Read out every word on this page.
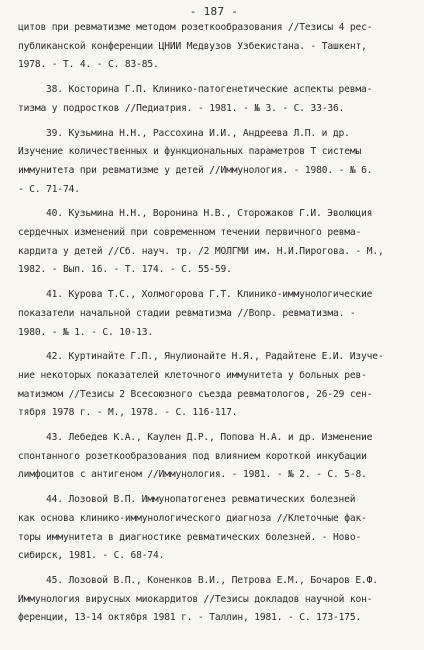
- 187 -
цитов при ревматизме методом розеткообразования //Тезисы 4 рес-
публиканской конференции ЦНИИ Медвузов Узбекистана. - Ташкент,
1978. - Т. 4. - С. 83-85.
38. Косторина Г.П. Клинико-патогенетические аспекты ревма-
тизма у подростков //Педиатрия. - 1981. - № 3. - С. 33-36.
39. Кузьмина Н.Н., Рассохина И.И., Андреева Л.П. и др.
Изучение количественных и функциональных параметров Т системы
иммунитета при ревматизме у детей //Иммунология. - 1980. - № 6.
- С. 71-74.
40. Кузьмина Н.Н., Воронина Н.В., Сторожаков Г.И. Эволюция
сердечных изменений при современном течении первичного ревма-
кардита у детей //Сб. науч. тр. /2 МОЛГМИ им. Н.И.Пирогова. - М.,
1982. - Вып. 16. - Т. 174. - С. 55-59.
41. Курова Т.С., Холмогорова Г.Т. Клинико-иммунологические
показатели начальной стадии ревматизма //Вопр. ревматизма. -
1980. - № 1. - С. 10-13.
42. Куртинайте Г.П., Янулионайте Н.Я., Радайтене Е.И. Изуче-
ние некоторых показателей клеточного иммунитета у больных рев-
матизмом //Тезисы 2 Всесоюзного съезда ревматологов, 26-29 сен-
тября 1978 г. - М., 1978. - С. 116-117.
43. Лебедев К.А., Каулен Д.Р., Попова Н.А. и др. Изменение
спонтанного розеткообразования под влиянием короткой инкубации
лимфоцитов с антигеном //Иммунология. - 1981. - № 2. - С. 5-8.
44. Лозовой В.П. Иммунопатогенез ревматических болезней
как основа клинико-иммунологического диагноза //Клеточные фак-
торы иммунитета в диагностике ревматических болезней. - Ново-
сибирск, 1981. - С. 68-74.
45. Лозовой В.П., Коненков В.И., Петрова Е.М., Бочаров Е.Ф.
Иммунология вирусных миокардитов //Тезисы докладов научной кон-
ференции, 13-14 октября 1981 г. - Таллин, 1981. - С. 173-175.
